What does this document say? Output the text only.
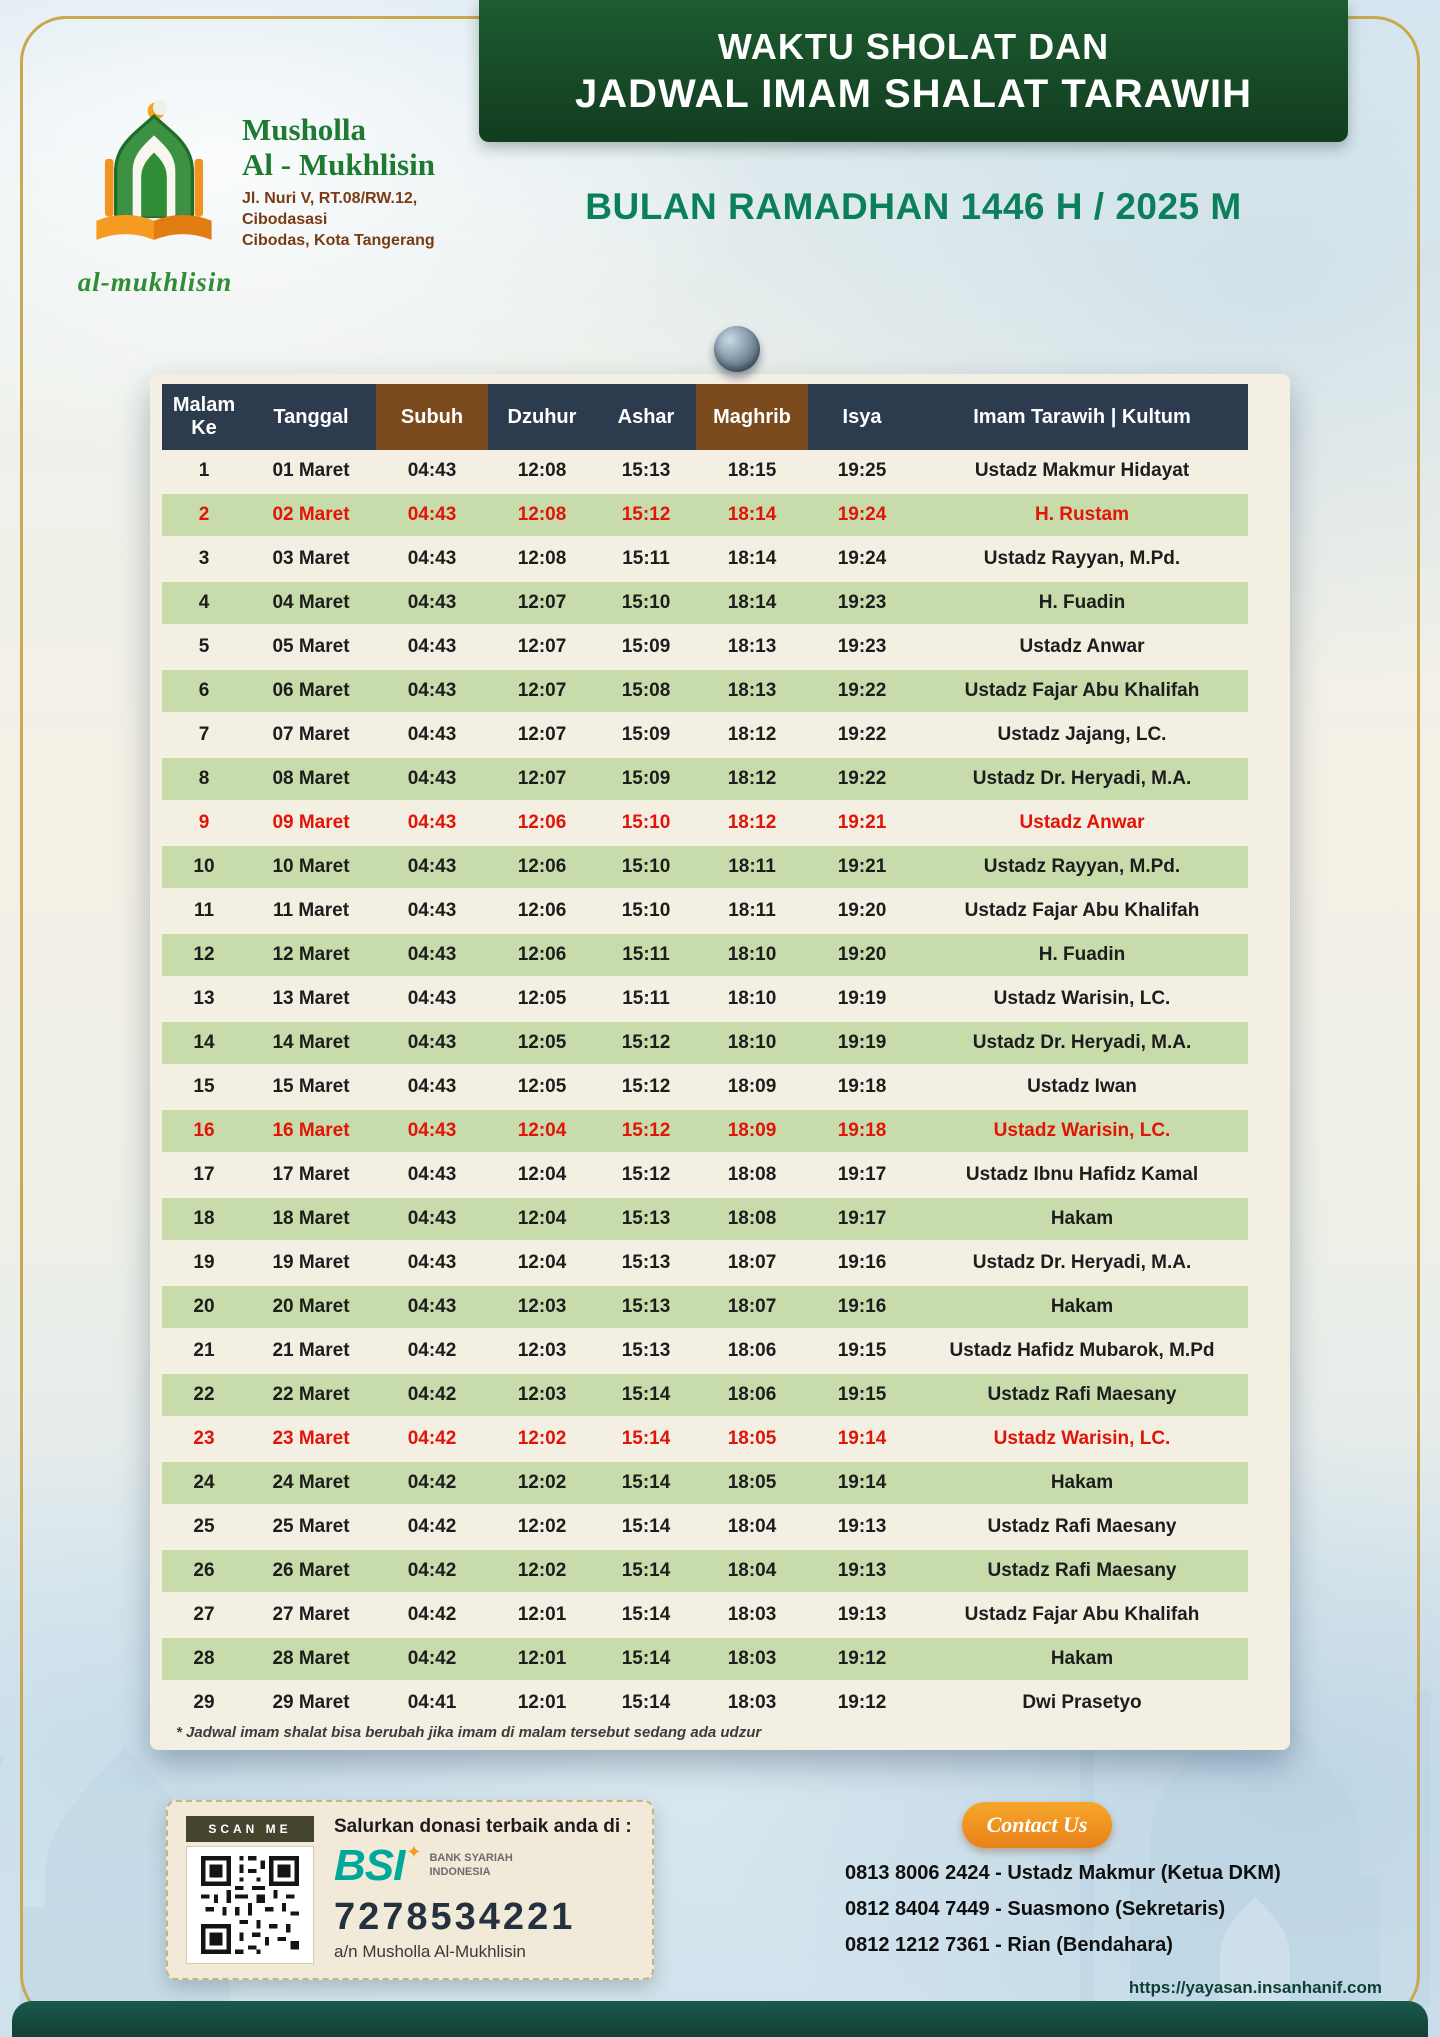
Musholla
Al - Mukhlisin
Jl. Nuri V, RT.08/RW.12, Cibodasasi
Cibodas, Kota Tangerang
al-mukhlisin
WAKTU SHOLAT DAN
JADWAL IMAM SHALAT TARAWIH
BULAN RAMADHAN 1446 H / 2025 M
Malam Ke	Tanggal	Subuh	Dzuhur	Ashar	Maghrib	Isya	Imam Tarawih | Kultum
1	01 Maret	04:43	12:08	15:13	18:15	19:25	Ustadz Makmur Hidayat
2	02 Maret	04:43	12:08	15:12	18:14	19:24	H. Rustam
3	03 Maret	04:43	12:08	15:11	18:14	19:24	Ustadz Rayyan, M.Pd.
4	04 Maret	04:43	12:07	15:10	18:14	19:23	H. Fuadin
5	05 Maret	04:43	12:07	15:09	18:13	19:23	Ustadz Anwar
6	06 Maret	04:43	12:07	15:08	18:13	19:22	Ustadz Fajar Abu Khalifah
7	07 Maret	04:43	12:07	15:09	18:12	19:22	Ustadz Jajang, LC.
8	08 Maret	04:43	12:07	15:09	18:12	19:22	Ustadz Dr. Heryadi, M.A.
9	09 Maret	04:43	12:06	15:10	18:12	19:21	Ustadz Anwar
10	10 Maret	04:43	12:06	15:10	18:11	19:21	Ustadz Rayyan, M.Pd.
11	11 Maret	04:43	12:06	15:10	18:11	19:20	Ustadz Fajar Abu Khalifah
12	12 Maret	04:43	12:06	15:11	18:10	19:20	H. Fuadin
13	13 Maret	04:43	12:05	15:11	18:10	19:19	Ustadz Warisin, LC.
14	14 Maret	04:43	12:05	15:12	18:10	19:19	Ustadz Dr. Heryadi, M.A.
15	15 Maret	04:43	12:05	15:12	18:09	19:18	Ustadz Iwan
16	16 Maret	04:43	12:04	15:12	18:09	19:18	Ustadz Warisin, LC.
17	17 Maret	04:43	12:04	15:12	18:08	19:17	Ustadz Ibnu Hafidz Kamal
18	18 Maret	04:43	12:04	15:13	18:08	19:17	Hakam
19	19 Maret	04:43	12:04	15:13	18:07	19:16	Ustadz Dr. Heryadi, M.A.
20	20 Maret	04:43	12:03	15:13	18:07	19:16	Hakam
21	21 Maret	04:42	12:03	15:13	18:06	19:15	Ustadz Hafidz Mubarok, M.Pd
22	22 Maret	04:42	12:03	15:14	18:06	19:15	Ustadz Rafi Maesany
23	23 Maret	04:42	12:02	15:14	18:05	19:14	Ustadz Warisin, LC.
24	24 Maret	04:42	12:02	15:14	18:05	19:14	Hakam
25	25 Maret	04:42	12:02	15:14	18:04	19:13	Ustadz Rafi Maesany
26	26 Maret	04:42	12:02	15:14	18:04	19:13	Ustadz Rafi Maesany
27	27 Maret	04:42	12:01	15:14	18:03	19:13	Ustadz Fajar Abu Khalifah
28	28 Maret	04:42	12:01	15:14	18:03	19:12	Hakam
29	29 Maret	04:41	12:01	15:14	18:03	19:12	Dwi Prasetyo
* Jadwal imam shalat bisa berubah jika imam di malam tersebut sedang ada udzur
SCAN ME	Salurkan donasi terbaik anda di :
BSI ✦ BANK SYARIAH
INDONESIA
7278534221
a/n Musholla Al-Mukhlisin
Contact Us
0813 8006 2424 - Ustadz Makmur (Ketua DKM)
0812 8404 7449 - Suasmono (Sekretaris)
0812 1212 7361 - Rian (Bendahara)
https://yayasan.insanhanif.com
